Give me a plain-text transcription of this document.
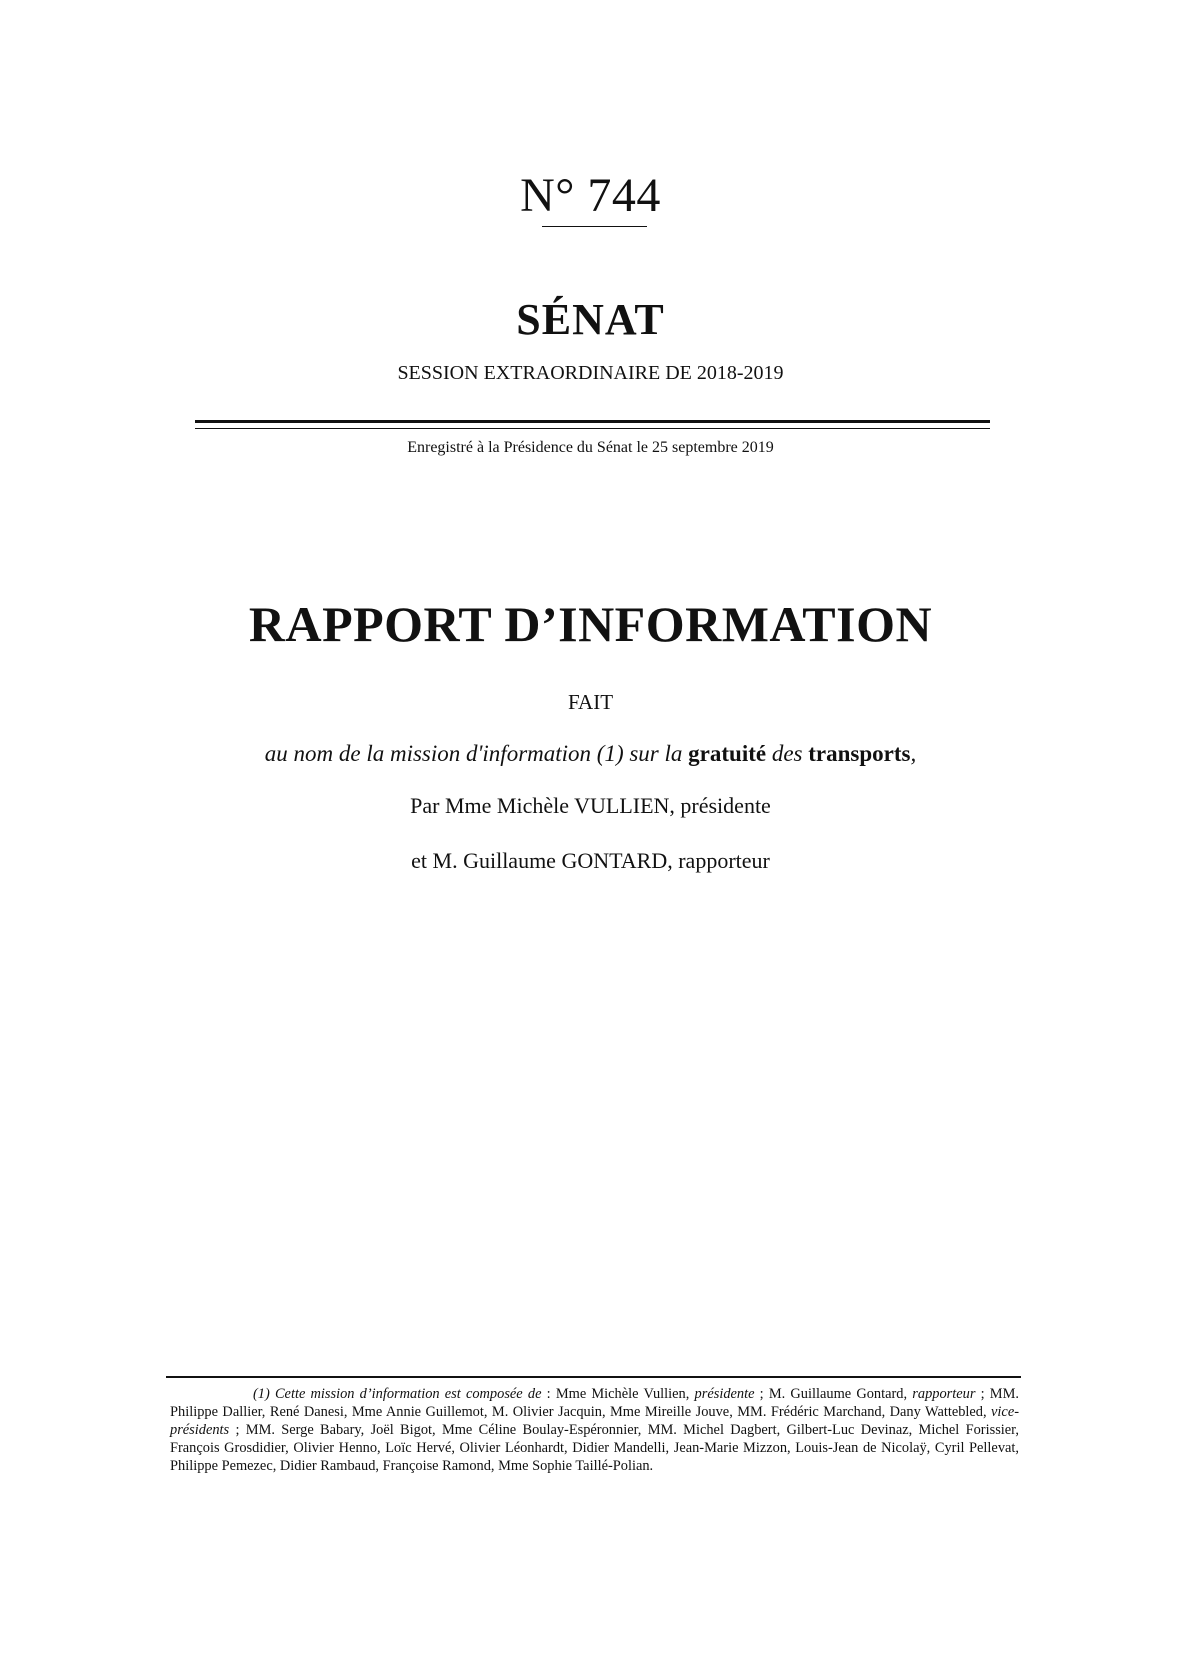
N° 744
SÉNAT
SESSION EXTRAORDINAIRE DE 2018-2019
Enregistré à la Présidence du Sénat le 25 septembre 2019
RAPPORT D’INFORMATION
FAIT
au nom de la mission d'information (1) sur la gratuité des transports,
Par Mme Michèle VULLIEN, présidente
et M. Guillaume GONTARD, rapporteur
(1) Cette mission d’information est composée de : Mme Michèle Vullien, présidente ; M. Guillaume Gontard, rapporteur ; MM. Philippe Dallier, René Danesi, Mme Annie Guillemot, M. Olivier Jacquin, Mme Mireille Jouve, MM. Frédéric Marchand, Dany Wattebled, vice-présidents ; MM. Serge Babary, Joël Bigot, Mme Céline Boulay-Espéronnier, MM. Michel Dagbert, Gilbert-Luc Devinaz, Michel Forissier, François Grosdidier, Olivier Henno, Loïc Hervé, Olivier Léonhardt, Didier Mandelli, Jean-Marie Mizzon, Louis-Jean de Nicolaÿ, Cyril Pellevat, Philippe Pemezec, Didier Rambaud, Françoise Ramond, Mme Sophie Taillé-Polian.
